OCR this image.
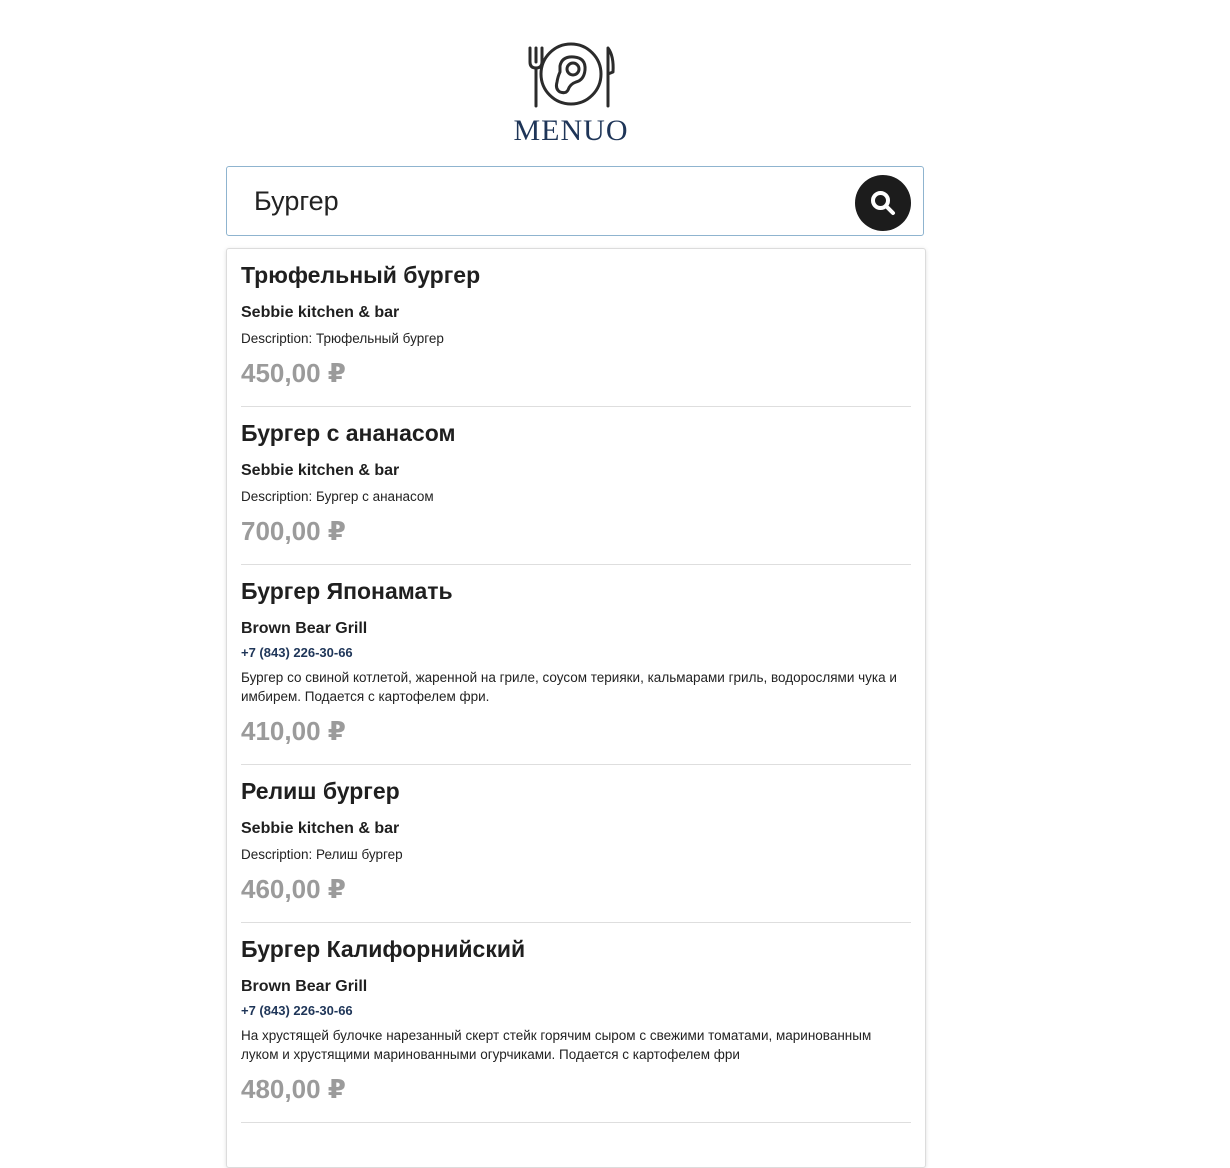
MENUO
Бургер
Трюфельный бургер
Sebbie kitchen & bar
Description: Трюфельный бургер
450,00 ₽
Бургер с ананасом
Sebbie kitchen & bar
Description: Бургер с ананасом
700,00 ₽
Бургер Японамать
Brown Bear Grill
+7 (843) 226-30-66
Бургер со свиной котлетой, жаренной на гриле, соусом терияки, кальмарами гриль, водорослями чука и имбирем. Подается с картофелем фри.
410,00 ₽
Релиш бургер
Sebbie kitchen & bar
Description: Релиш бургер
460,00 ₽
Бургер Калифорнийский
Brown Bear Grill
+7 (843) 226-30-66
На хрустящей булочке нарезанный скерт стейк горячим сыром с свежими томатами, маринованным луком и хрустящими маринованными огурчиками. Подается с картофелем фри
480,00 ₽
